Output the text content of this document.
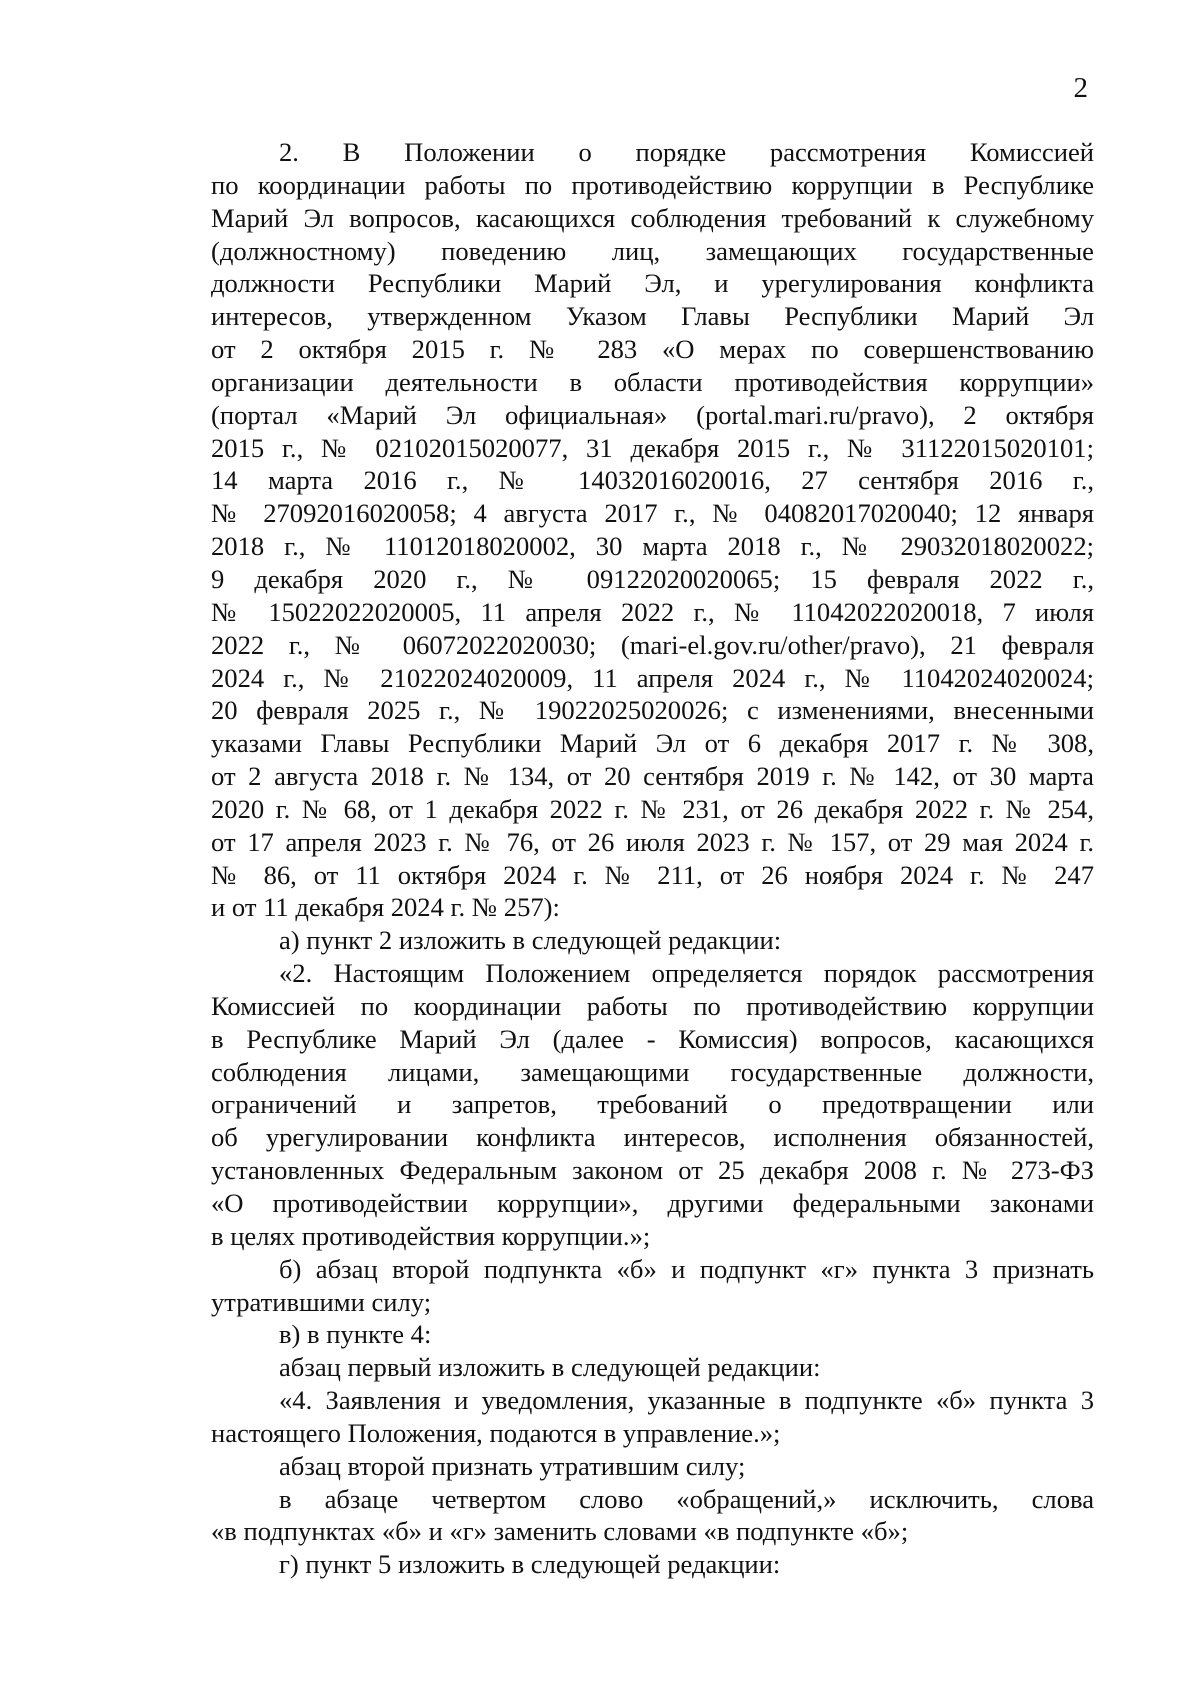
2
2. В Положении о порядке рассмотрения Комиссией
по координации работы по противодействию коррупции в Республике
Марий Эл вопросов, касающихся соблюдения требований к служебному
(должностному) поведению лиц, замещающих государственные
должности Республики Марий Эл, и урегулирования конфликта
интересов, утвержденном Указом Главы Республики Марий Эл
от 2 октября 2015 г. № 283 «О мерах по совершенствованию
организации деятельности в области противодействия коррупции»
(портал «Марий Эл официальная» (portal.mari.ru/pravo), 2 октября
2015 г., № 02102015020077, 31 декабря 2015 г., № 31122015020101;
14 марта 2016 г., № 14032016020016, 27 сентября 2016 г.,
№ 27092016020058; 4 августа 2017 г., № 04082017020040; 12 января
2018 г., № 11012018020002, 30 марта 2018 г., № 29032018020022;
9 декабря 2020 г., № 09122020020065; 15 февраля 2022 г.,
№ 15022022020005, 11 апреля 2022 г., № 11042022020018, 7 июля
2022 г., № 06072022020030; (mari-el.gov.ru/other/pravo), 21 февраля
2024 г., № 21022024020009, 11 апреля 2024 г., № 11042024020024;
20 февраля 2025 г., № 19022025020026; с изменениями, внесенными
указами Главы Республики Марий Эл от 6 декабря 2017 г. № 308,
от 2 августа 2018 г. № 134, от 20 сентября 2019 г. № 142, от 30 марта
2020 г. № 68, от 1 декабря 2022 г. № 231, от 26 декабря 2022 г. № 254,
от 17 апреля 2023 г. № 76, от 26 июля 2023 г. № 157, от 29 мая 2024 г.
№ 86, от 11 октября 2024 г. № 211, от 26 ноября 2024 г. № 247
и от 11 декабря 2024 г. № 257):
а) пункт 2 изложить в следующей редакции:
«2. Настоящим Положением определяется порядок рассмотрения
Комиссией по координации работы по противодействию коррупции
в Республике Марий Эл (далее - Комиссия) вопросов, касающихся
соблюдения лицами, замещающими государственные должности,
ограничений и запретов, требований о предотвращении или
об урегулировании конфликта интересов, исполнения обязанностей,
установленных Федеральным законом от 25 декабря 2008 г. № 273-ФЗ
«О противодействии коррупции», другими федеральными законами
в целях противодействия коррупции.»;
б) абзац второй подпункта «б» и подпункт «г» пункта 3 признать
утратившими силу;
в) в пункте 4:
абзац первый изложить в следующей редакции:
«4. Заявления и уведомления, указанные в подпункте «б» пункта 3
настоящего Положения, подаются в управление.»;
абзац второй признать утратившим силу;
в абзаце четвертом слово «обращений,» исключить, слова
«в подпунктах «б» и «г» заменить словами «в подпункте «б»;
г) пункт 5 изложить в следующей редакции:
